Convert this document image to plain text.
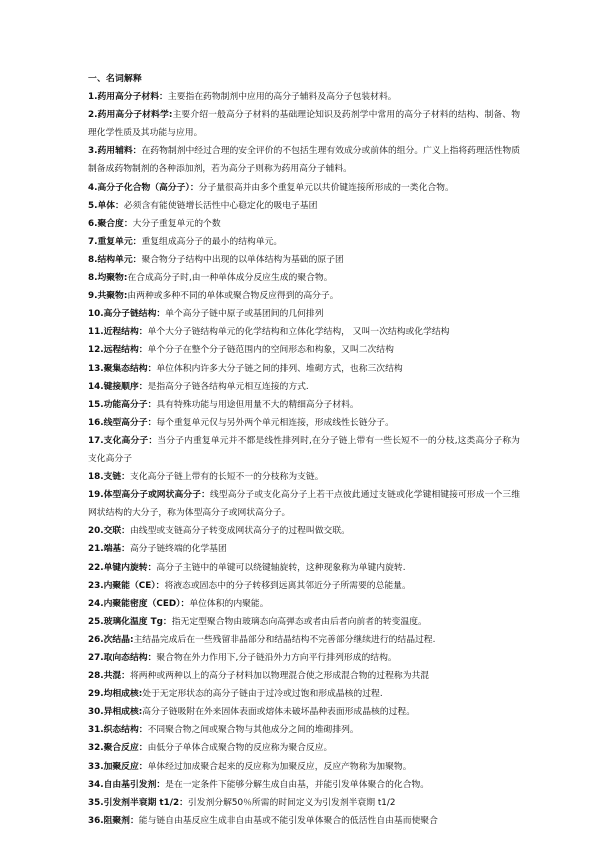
一、名词解释

1.药用高分子材料：主要指在药物制剂中应用的高分子辅料及高分子包装材料。

2.药用高分子材料学:主要介绍一般高分子材料的基础理论知识及药剂学中常用的高分子材料的结构、制备、物理化学性质及其功能与应用。

3.药用辅料：在药物制剂中经过合理的安全评价的不包括生理有效成分或前体的组分。广义上指将药理活性物质制备成药物制剂的各种添加剂，若为高分子则称为药用高分子辅料。

4.高分子化合物（高分子）：分子量很高并由多个重复单元以共价键连接所形成的一类化合物。

5.单体：必须含有能使链增长活性中心稳定化的吸电子基团

6.聚合度：大分子重复单元的个数

7.重复单元：重复组成高分子的最小的结构单元。

8.结构单元：聚合物分子结构中出现的以单体结构为基础的原子团

8.均聚物:在合成高分子时,由一种单体成分反应生成的聚合物。

9.共聚物:由两种或多种不同的单体或聚合物反应得到的高分子。

10.高分子链结构：单个高分子链中原子或基团间的几何排列

11.近程结构：单个大分子链结构单元的化学结构和立体化学结构， 又叫一次结构或化学结构

12.远程结构：单个分子在整个分子链范围内的空间形态和构象，又叫二次结构

13.聚集态结构：单位体积内许多大分子链之间的排列、堆砌方式，也称三次结构

14.键接顺序：是指高分子链各结构单元相互连接的方式.

15.功能高分子：具有特殊功能与用途但用量不大的精细高分子材料。

16.线型高分子：每个重复单元仅与另外两个单元相连接，形成线性长链分子。

17.支化高分子：当分子内重复单元并不都是线性排列时,在分子链上带有一些长短不一的分枝,这类高分子称为支化高分子

18.支链：支化高分子链上带有的长短不一的分枝称为支链。

19.体型高分子或网状高分子：线型高分子或支化高分子上若干点彼此通过支链或化学键相键接可形成一个三维网状结构的大分子，称为体型高分子或网状高分子。

20.交联：由线型或支链高分子转变成网状高分子的过程叫做交联。

21.端基：高分子链终端的化学基团

22.单键内旋转：高分子主链中的单键可以绕键轴旋转，这种现象称为单键内旋转.

23.内聚能（CE）：将液态或固态中的分子转移到远离其邻近分子所需要的总能量。

24.内聚能密度（CED）：单位体积的内聚能。

25.玻璃化温度 Tg：指无定型聚合物由玻璃态向高弹态或者由后者向前者的转变温度。

26.次结晶:主结晶完成后在一些残留非晶部分和结晶结构不完善部分继续进行的结晶过程.

27.取向态结构：聚合物在外力作用下,分子链沿外力方向平行排列形成的结构。

28.共混：将两种或两种以上的高分子材料加以物理混合使之形成混合物的过程称为共混

29.均相成核:处于无定形状态的高分子链由于过冷或过饱和形成晶核的过程.

30.异相成核:高分子链吸附在外来固体表面或熔体未破坏晶种表面形成晶核的过程。

31.织态结构：不同聚合物之间或聚合物与其他成分之间的堆砌排列。

32.聚合反应：由低分子单体合成聚合物的反应称为聚合反应。

33.加聚反应：单体经过加成聚合起来的反应称为加聚反应，反应产物称为加聚物。

34.自由基引发剂：是在一定条件下能够分解生成自由基，并能引发单体聚合的化合物。

35.引发剂半衰期 t1/2：引发剂分解50％所需的时间定义为引发剂半衰期 t1/2

36.阻聚剂：能与链自由基反应生成非自由基或不能引发单体聚合的低活性自由基而使聚合
